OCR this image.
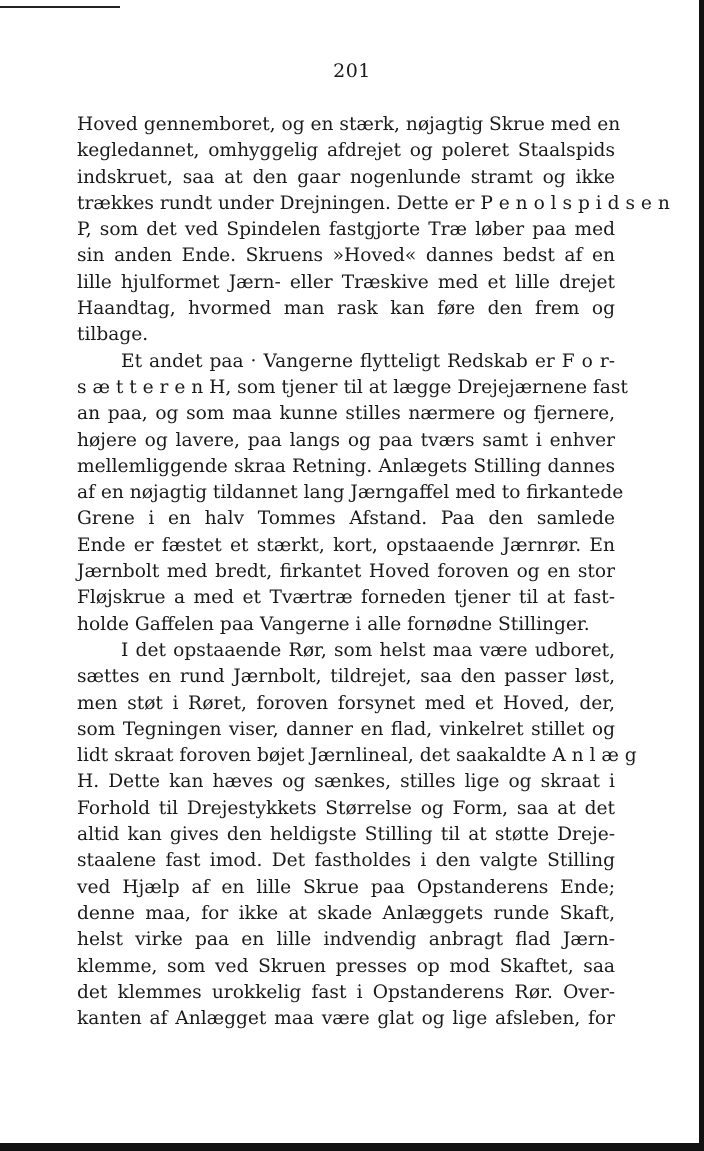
201
Hoved gennemboret, og en stærk, nøjagtig Skrue med en
kegledannet, omhyggelig afdrejet og poleret Staalspids
indskruet, saa at den gaar nogenlunde stramt og ikke
trækkes rundt under Drejningen. Dette er P e n o l s p i d s e n
P, som det ved Spindelen fastgjorte Træ løber paa med
sin anden Ende. Skruens »Hoved« dannes bedst af en
lille hjulformet Jærn- eller Træskive med et lille drejet
Haandtag, hvormed man rask kan føre den frem og
tilbage.
Et andet paa · Vangerne flytteligt Redskab er F o r-
s æ t t e r e n H, som tjener til at lægge Drejejærnene fast
an paa, og som maa kunne stilles nærmere og fjernere,
højere og lavere, paa langs og paa tværs samt i enhver
mellemliggende skraa Retning. Anlægets Stilling dannes
af en nøjagtig tildannet lang Jærngaffel med to firkantede
Grene i en halv Tommes Afstand. Paa den samlede
Ende er fæstet et stærkt, kort, opstaaende Jærnrør. En
Jærnbolt med bredt, firkantet Hoved foroven og en stor
Fløjskrue a med et Tværtræ forneden tjener til at fast-
holde Gaffelen paa Vangerne i alle fornødne Stillinger.
I det opstaaende Rør, som helst maa være udboret,
sættes en rund Jærnbolt, tildrejet, saa den passer løst,
men støt i Røret, foroven forsynet med et Hoved, der,
som Tegningen viser, danner en flad, vinkelret stillet og
lidt skraat foroven bøjet Jærnlineal, det saakaldte A n l æ g
H. Dette kan hæves og sænkes, stilles lige og skraat i
Forhold til Drejestykkets Størrelse og Form, saa at det
altid kan gives den heldigste Stilling til at støtte Dreje-
staalene fast imod. Det fastholdes i den valgte Stilling
ved Hjælp af en lille Skrue paa Opstanderens Ende;
denne maa, for ikke at skade Anlæggets runde Skaft,
helst virke paa en lille indvendig anbragt flad Jærn-
klemme, som ved Skruen presses op mod Skaftet, saa
det klemmes urokkelig fast i Opstanderens Rør. Over-
kanten af Anlægget maa være glat og lige afsleben, for
